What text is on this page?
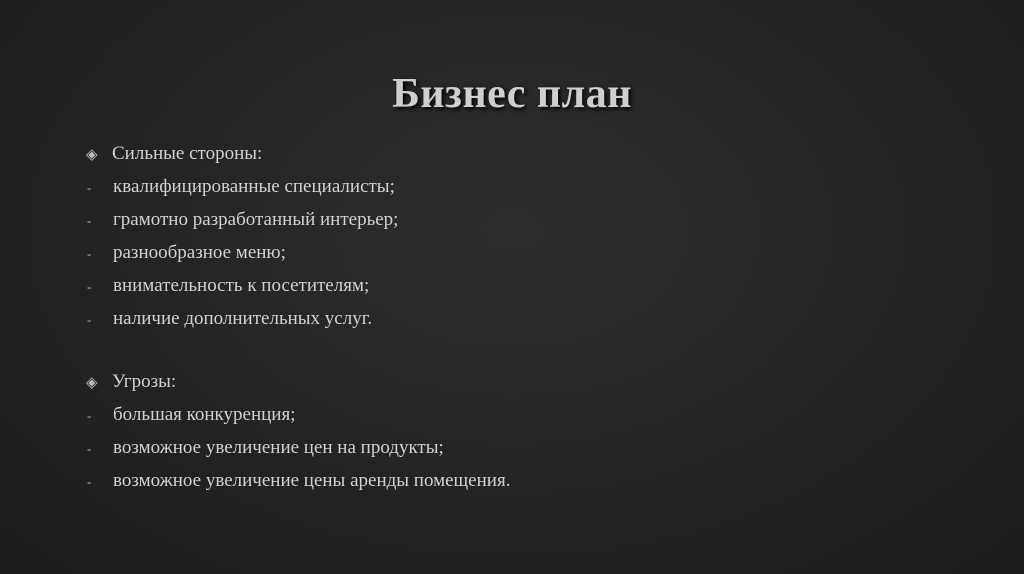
Бизнес план
◈ Сильные стороны:
-	квалифицированные специалисты;
-	грамотно разработанный интерьер;
-	разнообразное меню;
-	внимательность к посетителям;
-	наличие дополнительных услуг.
◈ Угрозы:
-	большая конкуренция;
-	возможное увеличение цен на продукты;
-	возможное увеличение цены аренды помещения.
